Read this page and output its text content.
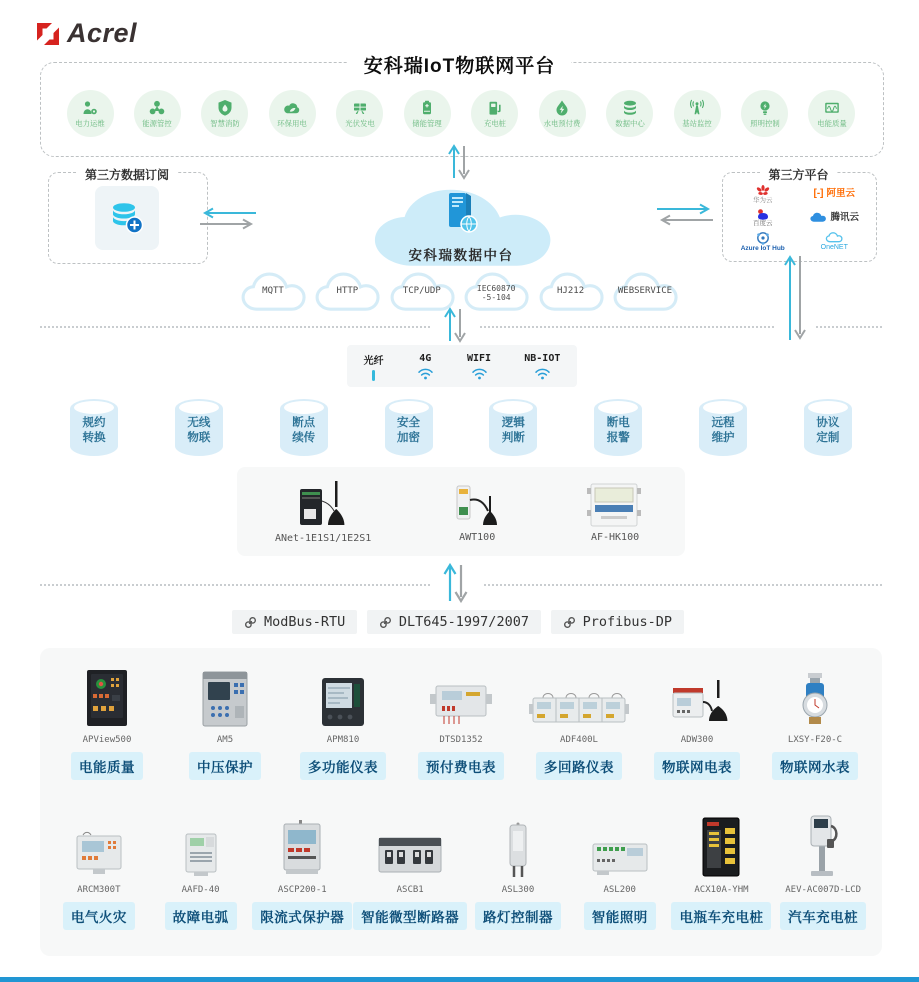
Acrel
安科瑞IoT物联网平台
电力运维	能源管控	智慧消防	环保用电	光伏发电	储能管理	充电桩	水电预付费	数据中心	基站监控	照明控制	电能质量
第三方数据订阅
安科瑞数据中台
第三方平台
华为云
[-] 阿里云
百度云
腾讯云
Azure IoT Hub	OneNET
MQTT	HTTP	TCP/UDP	IEC60870
-5-104
HJ212	WEBSERVICE
光纤	4G	WIFI	NB-IOT
规约
转换
无线
物联
断点
续传
安全
加密
逻辑
判断
断电
报警
远程
维护
协议
定制
ANet-1E1S1/1E2S1	AWT100	AF-HK100
ModBus-RTU	DLT645-1997/2007	Profibus-DP
APView500
电能质量
AM5
中压保护
APM810
多功能仪表
DTSD1352
预付费电表
ADF400L
多回路仪表
ADW300
物联网电表
LXSY-F20-C
物联网水表
ARCM300T
电气火灾
AAFD-40
故障电弧
ASCP200-1
限流式保护器
ASCB1
智能微型断路器
ASL300
路灯控制器
ASL200
智能照明
ACX10A-YHM
电瓶车充电桩
AEV-AC007D-LCD
汽车充电桩
